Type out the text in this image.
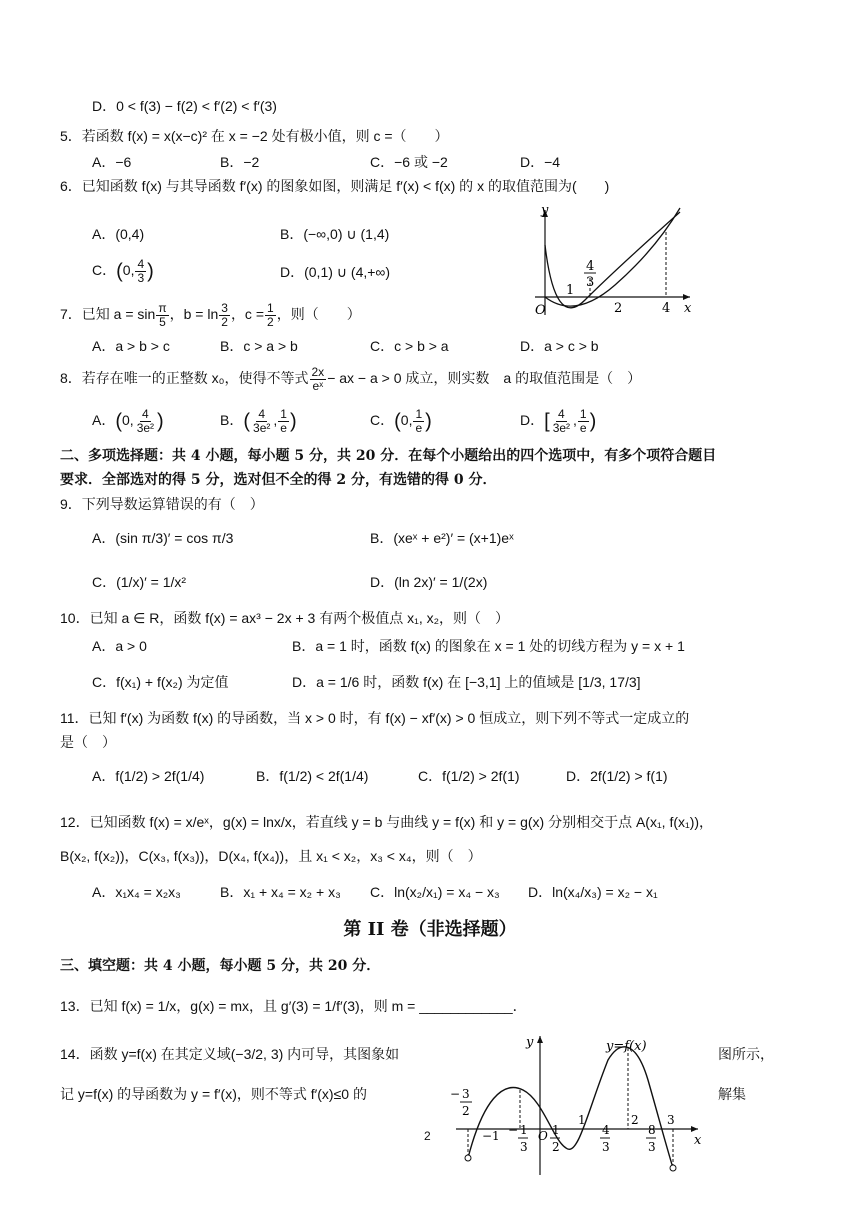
D．0 < f(3) − f(2) < f′(2) < f′(3)
5．若函数 f(x) = x(x−c)² 在 x = −2 处有极小值，则 c =（　　）
A．−6	B．−2	C．−6 或 −2	D．−4
6．已知函数 f(x) 与其导函数 f′(x) 的图象如图，则满足 f′(x) < f(x) 的 x 的取值范围为(　　)
A．(0,4)	B．(−∞,0) ∪ (1,4)
C．(0, $\frac{4}{3}$ )	D．(0,1) ∪ (4,+∞)
y
x
O
1
4
3
2	4
7．已知 $a = \sin \frac{\pi}{5}$ ，$b = \ln \frac{3}{2}$ ，$c = \frac{1}{2}$ ，则（　　）
A．a > b > c	B．c > a > b	C．c > b > a	D．a > c > b
8．若存在唯一的正整数 x₀，使得不等式 $\frac{2x}{\text{eˣ}}$ − ax − a > 0 成立，则实数　a 的取值范围是（　）
A．(0, $\frac{4}{\text{3e²}}$ )	B．( $\frac{4}{\text{3e²}}$ , $\frac{1}{e}$ )	C．(0, $\frac{1}{e}$ )	D．[ $\frac{4}{\text{3e²}}$ , $\frac{1}{e}$ )
二、多项选择题：共 4 小题，每小题 5 分，共 20 分．在每个小题给出的四个选项中，有多个项符合题目
要求．全部选对的得 5 分，选对但不全的得 2 分，有选错的得 0 分．
9．下列导数运算错误的有（　）
A．(sin π/3)′ = cos π/3	B．(xeˣ + e²)′ = (x+1)eˣ
C．(1/x)′ = 1/x²	D．(ln 2x)′ = 1/(2x)
10．已知 a ∈ R，函数 f(x) = ax³ − 2x + 3 有两个极值点 x₁, x₂，则（　）
A．a > 0	B．a = 1 时，函数 f(x) 的图象在 x = 1 处的切线方程为 y = x + 1
C．f(x₁) + f(x₂) 为定值	D．a = 1/6 时，函数 f(x) 在 [−3,1] 上的值域是 [1/3, 17/3]
11．已知 f′(x) 为函数 f(x) 的导函数，当 x > 0 时，有 f(x) − xf′(x) > 0 恒成立，则下列不等式一定成立的
是（　）
A．f(1/2) > 2f(1/4)	B．f(1/2) < 2f(1/4)	C．f(1/2) > 2f(1)	D．2f(1/2) > f(1)
12．已知函数 f(x) = x/eˣ，g(x) = lnx/x，若直线 y = b 与曲线 y = f(x) 和 y = g(x) 分别相交于点 A(x₁, f(x₁))，
B(x₂, f(x₂))，C(x₃, f(x₃))，D(x₄, f(x₄))，且 x₁ < x₂，x₃ < x₄，则（　）
A．x₁x₄ = x₂x₃	B．x₁ + x₄ = x₂ + x₃ C．ln(x₂/x₁) = x₄ − x₃ D．ln(x₄/x₃) = x₂ − x₁
第 II 卷（非选择题）
三、填空题：共 4 小题，每小题 5 分，共 20 分．
13．已知 f(x) = 1/x，g(x) = mx，且 g′(3) = 1/f′(3)，则 m = ____________．
14．函数 y=f(x) 在其定义域(−3/2, 3) 内可导，其图象如	图所示，
记 y=f(x) 的导函数为 y = f′(x)，则不等式 f′(x)≤0 的	解集
y
x
y=f(x)
O
− 3
2
−1 − 1
3
1
2
1
4
3
2
8
3
3
2
